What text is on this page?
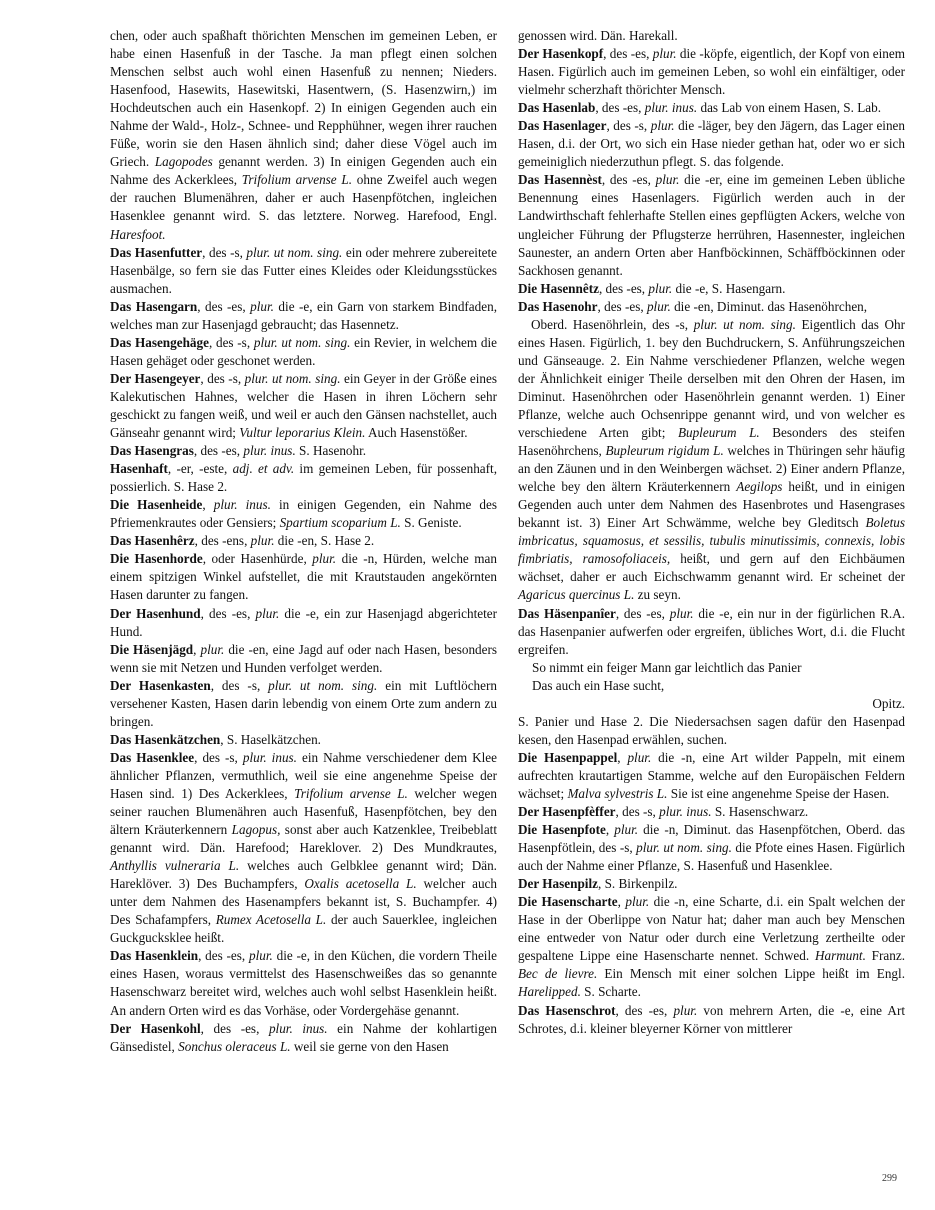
chen, oder auch spaßhaft thörichten Menschen im gemeinen Leben, er habe einen Hasenfuß in der Tasche. Ja man pflegt einen solchen Menschen selbst auch wohl einen Hasenfuß zu nennen; Nieders. Hasenfood, Hasewits, Hasewitski, Hasentwern, (S. Hasenzwirn,) im Hochdeutschen auch ein Hasenkopf. 2) In einigen Gegenden auch ein Nahme der Wald-, Holz-, Schnee- und Repphühner, wegen ihrer rauchen Füße, worin sie den Hasen ähnlich sind; daher diese Vögel auch im Griech. Lagopodes genannt werden. 3) In einigen Gegenden auch ein Nahme des Ackerklees, Trifolium arvense L. ohne Zweifel auch wegen der rauchen Blumenähren, daher er auch Hasenpfötchen, ingleichen Hasenklee genannt wird. S. das letztere. Norweg. Harefood, Engl. Haresfoot.

Das Hasenfutter, des -s, plur. ut nom. sing. ein oder mehrere zubereitete Hasenbälge, so fern sie das Futter eines Kleides oder Kleidungsstückes ausmachen.

Das Hasengarn, des -es, plur. die -e, ein Garn von starkem Bindfaden, welches man zur Hasenjagd gebraucht; das Hasennetz.

Das Hasengehäge, des -s, plur. ut nom. sing. ein Revier, in welchem die Hasen gehäget oder geschonet werden.

Der Hasengeyer, des -s, plur. ut nom. sing. ein Geyer in der Größe eines Kalekutischen Hahnes, welcher die Hasen in ihren Löchern sehr geschickt zu fangen weiß, und weil er auch den Gänsen nachstellet, auch Gänseahr genannt wird; Vultur leporarius Klein. Auch Hasenstößer.

Das Hasengras, des -es, plur. inus. S. Hasenohr.

Hasenhaft, -er, -este, adj. et adv. im gemeinen Leben, für possenhaft, possierlich. S. Hase 2.

Die Hasenheide, plur. inus. in einigen Gegenden, ein Nahme des Pfriemenkrautes oder Gensiers; Spartium scoparium L. S. Geniste.

Das Hasenhêrz, des -ens, plur. die -en, S. Hase 2.

Die Hasenhorde, oder Hasenhürde, plur. die -n, Hürden, welche man einem spitzigen Winkel aufstellet, die mit Krautstauden angekörnten Hasen darunter zu fangen.

Der Hasenhund, des -es, plur. die -e, ein zur Hasenjagd abgerichteter Hund.

Die Häsenjägd, plur. die -en, eine Jagd auf oder nach Hasen, besonders wenn sie mit Netzen und Hunden verfolget werden.

Der Hasenkasten, des -s, plur. ut nom. sing. ein mit Luftlöchern versehener Kasten, Hasen darin lebendig von einem Orte zum andern zu bringen.

Das Hasenkätzchen, S. Haselkätzchen.

Das Hasenklee, des -s, plur. inus. ein Nahme verschiedener dem Klee ähnlicher Pflanzen, vermuthlich, weil sie eine angenehme Speise der Hasen sind. 1) Des Ackerklees, Trifolium arvense L. welcher wegen seiner rauchen Blumenähren auch Hasenfuß, Hasenpfötchen, bey den ältern Kräuterkennern Lagopus, sonst aber auch Katzenklee, Treibeblatt genannt wird. Dän. Harefood; Hareklover. 2) Des Mundkrautes, Anthyllis vulneraria L. welches auch Gelbklee genannt wird; Dän. Hareklöver. 3) Des Buchampfers, Oxalis acetosella L. welcher auch unter dem Nahmen des Hasenampfers bekannt ist, S. Buchampfer. 4) Des Schafampfers, Rumex Acetosella L. der auch Sauerklee, ingleichen Guckgucksklee heißt.

Das Hasenklein, des -es, plur. die -e, in den Küchen, die vordern Theile eines Hasen, woraus vermittelst des Hasenschweißes das so genannte Hasenschwarz bereitet wird, welches auch wohl selbst Hasenklein heißt. An andern Orten wird es das Vorhäse, oder Vordergehäse genannt.

Der Hasenkohl, des -es, plur. inus. ein Nahme der kohlartigen Gänsedistel, Sonchus oleraceus L. weil sie gerne von den Hasen

genossen wird. Dän. Harekall.

Der Hasenkopf, des -es, plur. die -köpfe, eigentlich, der Kopf von einem Hasen. Figürlich auch im gemeinen Leben, so wohl ein einfältiger, oder vielmehr scherzhaft thörichter Mensch.

Das Hasenlab, des -es, plur. inus. das Lab von einem Hasen, S. Lab.

Das Hasenlager, des -s, plur. die -läger, bey den Jägern, das Lager einen Hasen, d.i. der Ort, wo sich ein Hase nieder gethan hat, oder wo er sich gemeiniglich niederzuthun pflegt. S. das folgende.

Das Hasennèst, des -es, plur. die -er, eine im gemeinen Leben übliche Benennung eines Hasenlagers. Figürlich werden auch in der Landwirthschaft fehlerhafte Stellen eines gepflügten Ackers, welche von ungleicher Führung der Pflugsterze herrühren, Hasennester, ingleichen Saunester, an andern Orten aber Hanfböckinnen, Schäffböckinnen oder Sackhosen genannt.

Die Hasennêtz, des -es, plur. die -e, S. Hasengarn.

Das Hasenohr, des -es, plur. die -en, Diminut. das Hasenöhrchen,

Oberd. Hasenöhrlein, des -s, plur. ut nom. sing. Eigentlich das Ohr eines Hasen. Figürlich, 1. bey den Buchdruckern, S. Anführungszeichen und Gänseauge. 2. Ein Nahme verschiedener Pflanzen, welche wegen der Ähnlichkeit einiger Theile derselben mit den Ohren der Hasen, im Diminut. Hasenöhrchen oder Hasenöhrlein genannt werden. 1) Einer Pflanze, welche auch Ochsenrippe genannt wird, und von welcher es verschiedene Arten gibt; Bupleurum L. Besonders des steifen Hasenöhrchens, Bupleurum rigidum L. welches in Thüringen sehr häufig an den Zäunen und in den Weinbergen wächset. 2) Einer andern Pflanze, welche bey den ältern Kräuterkennern Aegilops heißt, und in einigen Gegenden auch unter dem Nahmen des Hasenbrotes und Hasengrases bekannt ist. 3) Einer Art Schwämme, welche bey Gleditsch Boletus imbricatus, squamosus, et sessilis, tubulis minutissimis, connexis, lobis fimbriatis, ramosofoliaceis, heißt, und gern auf den Eichbäumen wächset, daher er auch Eichschwamm genannt wird. Er scheinet der Agaricus quercinus L. zu seyn.

Das Häsenpanîer, des -es, plur. die -e, ein nur in der figürlichen R.A. das Hasenpanier aufwerfen oder ergreifen, übliches Wort, d.i. die Flucht ergreifen.

So nimmt ein feiger Mann gar leichtlich das Panier

Das auch ein Hase sucht,

Opitz.

S. Panier und Hase 2. Die Niedersachsen sagen dafür den Hasenpad kesen, den Hasenpad erwählen, suchen.

Die Hasenpappel, plur. die -n, eine Art wilder Pappeln, mit einem aufrechten krautartigen Stamme, welche auf den Europäischen Feldern wächset; Malva sylvestris L. Sie ist eine angenehme Speise der Hasen.

Der Hasenpfèffer, des -s, plur. inus. S. Hasenschwarz.

Die Hasenpfote, plur. die -n, Diminut. das Hasenpfötchen, Oberd. das Hasenpfötlein, des -s, plur. ut nom. sing. die Pfote eines Hasen. Figürlich auch der Nahme einer Pflanze, S. Hasenfuß und Hasenklee.

Der Hasenpilz, S. Birkenpilz.

Die Hasenscharte, plur. die -n, eine Scharte, d.i. ein Spalt welchen der Hase in der Oberlippe von Natur hat; daher man auch bey Menschen eine entweder von Natur oder durch eine Verletzung zertheilte oder gespaltene Lippe eine Hasenscharte nennet. Schwed. Harmunt. Franz. Bec de lievre. Ein Mensch mit einer solchen Lippe heißt im Engl. Harelipped. S. Scharte.

Das Hasenschrot, des -es, plur. von mehrern Arten, die -e, eine Art Schrotes, d.i. kleiner bleyerner Körner von mittlerer

299
